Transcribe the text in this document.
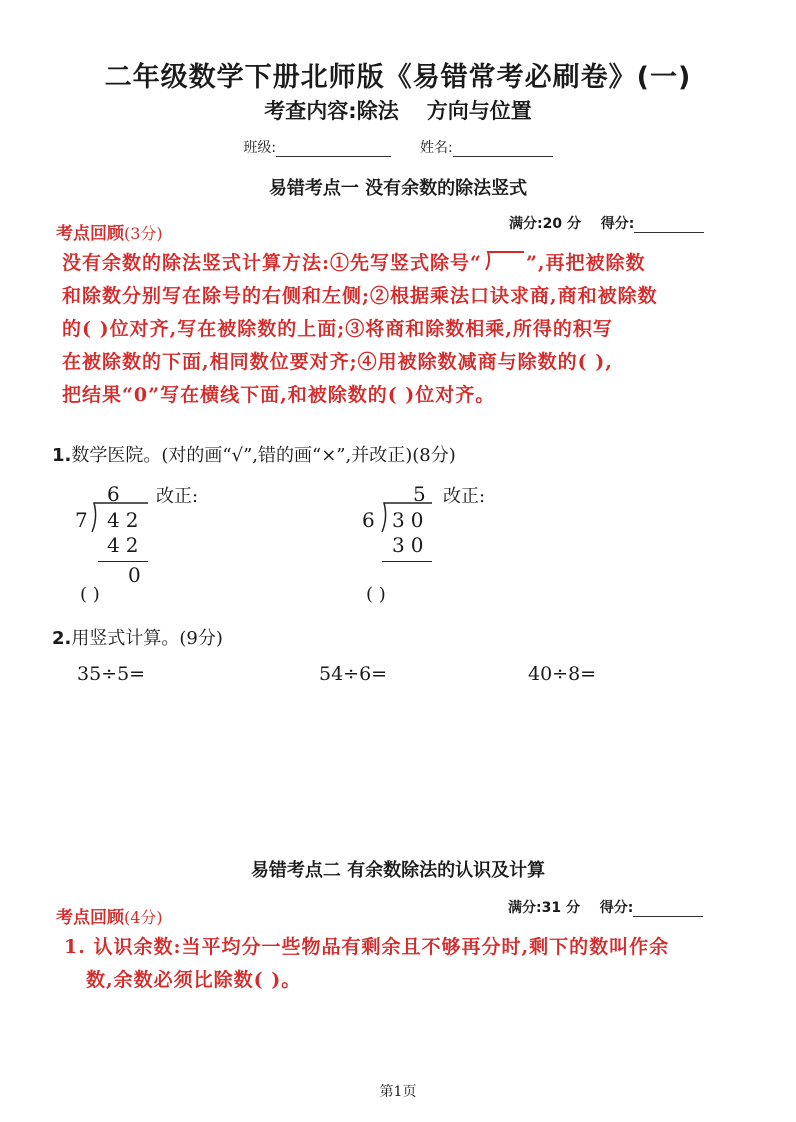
二年级数学下册北师版《易错常考必刷卷》(一)
考查内容:除法 方向与位置
班级:	姓名:
易错考点一 没有余数的除法竖式
满分:20 分 得分:
考点回顾(3分)
没有余数的除法竖式计算方法:①先写竖式除号“ ”,再把被除数
和除数分别写在除号的右侧和左侧;②根据乘法口诀求商,商和被除数
的( )位对齐,写在被除数的上面;③将商和除数相乘,所得的积写
在被除数的下面,相同数位要对齐;④用被除数减商与除数的( ),
把结果“0”写在横线下面,和被除数的( )位对齐。
1.数学医院。(对的画“√”,错的画“×”,并改正)(8分)
6 改正:
7 42
42
0
( )
5 改正:
6 30
30
( )
2.用竖式计算。(9分)
35÷5=	54÷6=	40÷8=
易错考点二 有余数除法的认识及计算
满分:31 分 得分:
考点回顾(4分)
1. 认识余数:当平均分一些物品有剩余且不够再分时,剩下的数叫作余
数,余数必须比除数( )。
第1页
